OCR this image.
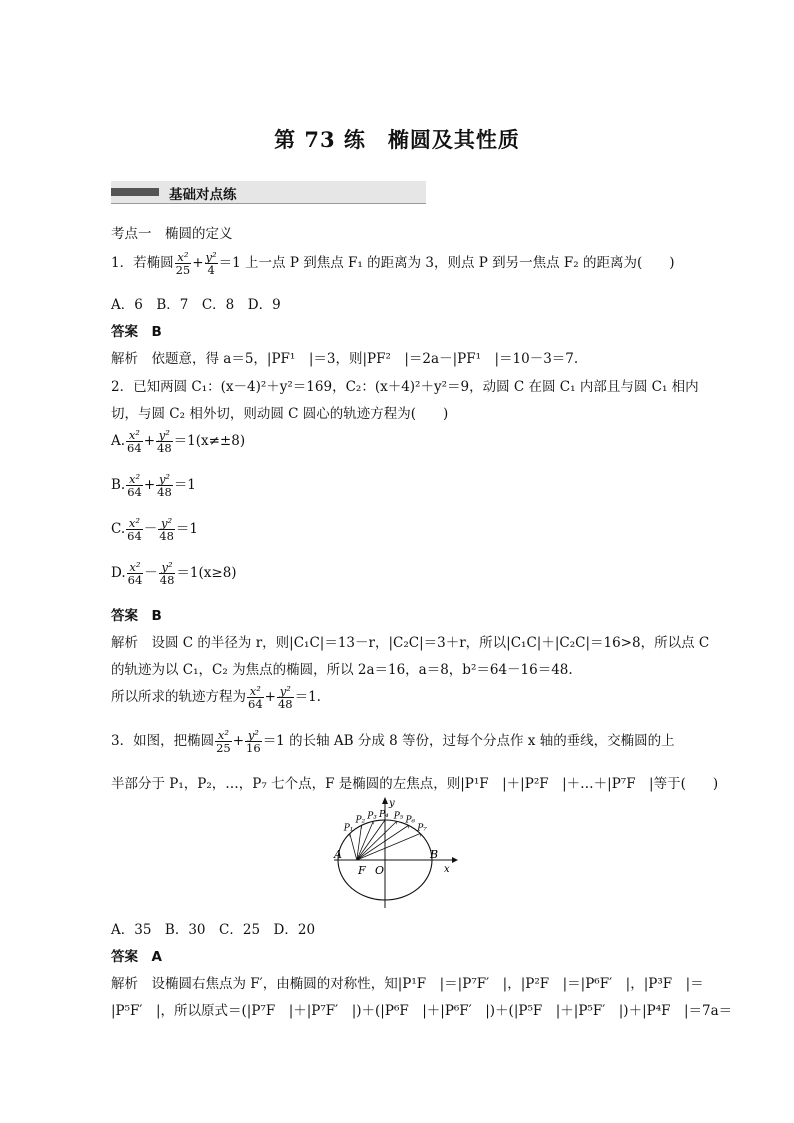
第 73 练　椭圆及其性质
基础对点练
考点一　椭圆的定义
1．若椭圆 $\frac{\text{x²}}{25} + \frac{\text{y²}}{4} =1$ 上一点 P 到焦点 F₁ 的距离为 3，则点 P 到另一焦点 F₂ 的距离为(　　)
A．6　B．7　C．8　D．9
答案　B
解析　依题意，得 a＝5，|PF¹　|＝3，则|PF²　|＝2a－|PF¹　|＝10－3＝7.
2．已知两圆 C₁：(x－4)²＋y²＝169，C₂：(x＋4)²＋y²＝9，动圆 C 在圆 C₁ 内部且与圆 C₁ 相内
切，与圆 C₂ 相外切，则动圆 C 圆心的轨迹方程为(　　)
A. $\frac{\text{x²}}{64} + \frac{\text{y²}}{48} =1(x\ne\pm 8)$
B. $\frac{\text{x²}}{64} + \frac{\text{y²}}{48} =1$
C. $\frac{\text{x²}}{64} - \frac{\text{y²}}{48} =1$
D. $\frac{\text{x²}}{64} - \frac{\text{y²}}{48} =1(x\ge 8)$
答案　B
解析　设圆 C 的半径为 r，则|C₁C|＝13－r，|C₂C|＝3＋r，所以|C₁C|＋|C₂C|＝16>8，所以点 C
的轨迹为以 C₁，C₂ 为焦点的椭圆，所以 2a＝16，a＝8，b²＝64－16＝48.
所以所求的轨迹方程为 $\frac{\text{x²}}{64} + \frac{\text{y²}}{48} =1$.
3．如图，把椭圆 $\frac{\text{x²}}{25} + \frac{\text{y²}}{16} =1$ 的长轴 AB 分成 8 等份，过每个分点作 x 轴的垂线，交椭圆的上
半部分于 P₁，P₂，…，P₇ 七个点，F 是椭圆的左焦点，则|P¹F　|＋|P²F　|＋…＋|P⁷F　|等于(　　)
P₁
P₂ P₃ P₄ P₅ P₆
P₇
A	B
F O	x
y
A．35　B．30　C．25　D．20
答案　A
解析　设椭圆右焦点为 F′，由椭圆的对称性，知|P¹F　|＝|P⁷F′　|，|P²F　|＝|P⁶F′　|，|P³F　|＝
|P⁵F′　|，所以原式＝(|P⁷F　|＋|P⁷F′　|)＋(|P⁶F　|＋|P⁶F′　|)＋(|P⁵F　|＋|P⁵F′　|)＋|P⁴F　|＝7a＝
